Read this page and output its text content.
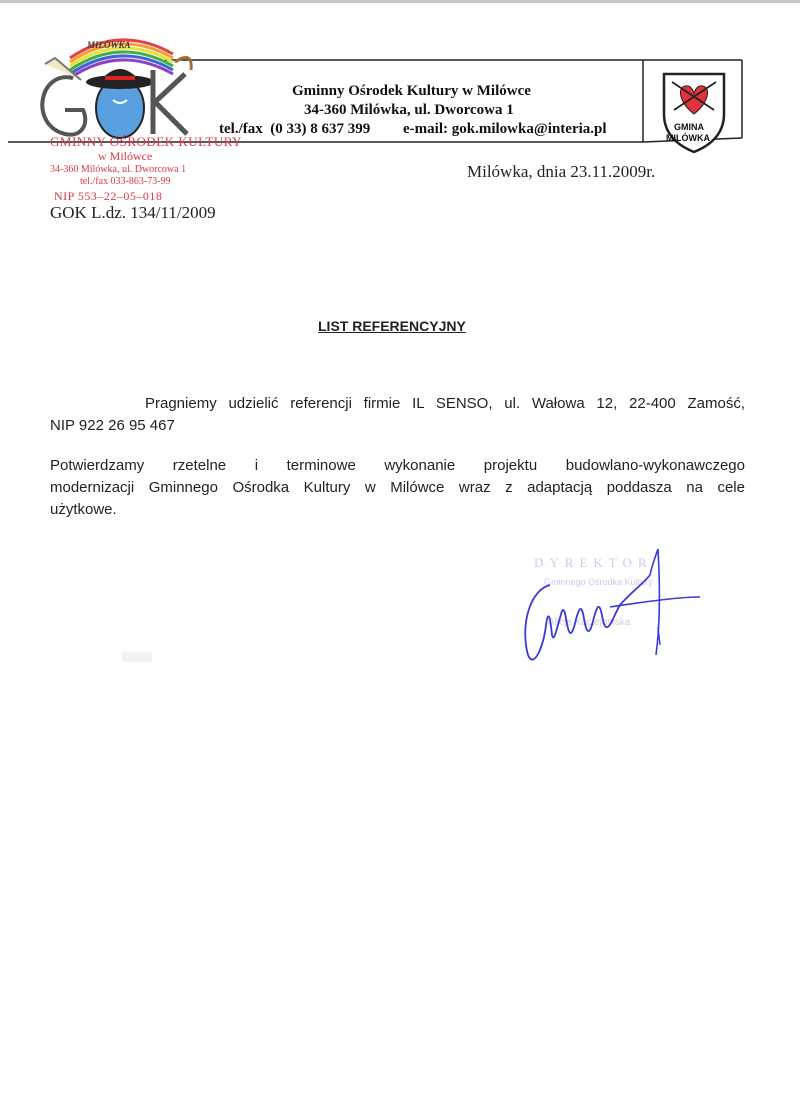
MILÓWKA
Gminny Ośrodek Kultury w Milówce
34-360 Milówka, ul. Dworcowa 1
tel./fax  (0 33) 8 637 399 e-mail: gok.milowka@interia.pl	GMINA
MILÓWKA
GMINNY OŚRODEK KULTURY
w Milówce
34-360 Milówka, ul. Dworcowa 1
tel./fax 033-863-73-99
NIP 553–22–05–018
GOK L.dz. 134/11/2009
Milówka, dnia 23.11.2009r.
LIST REFERENCYJNY
Pragniemy udzielić referencji firmie IL SENSO, ul. Wałowa 12, 22-400 Zamość,
NIP 922 26 95 467
Potwierdzamy rzetelne i terminowe wykonanie projektu budowlano-wykonawczego
modernizacji Gminnego Ośrodka Kultury w Milówce wraz z adaptacją poddasza na cele
użytkowe.
DYREKTOR
Gminnego Ośrodka Kultury
Alicja Kaciejowska
